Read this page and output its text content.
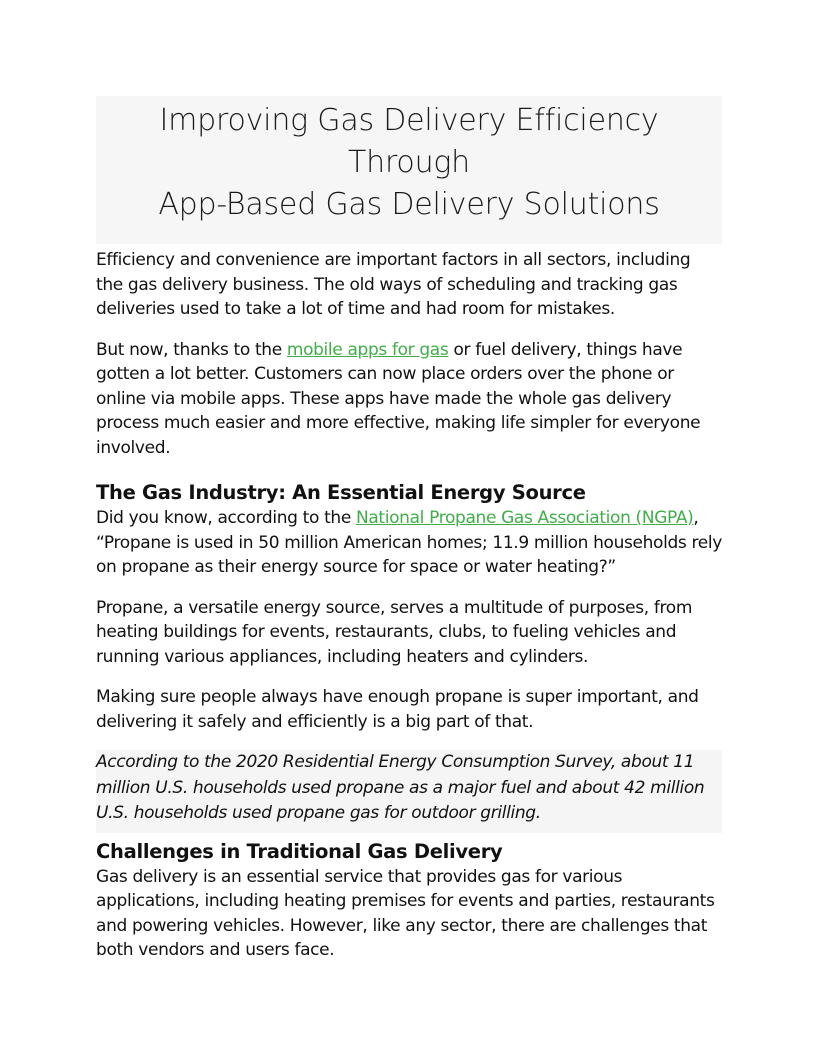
Improving Gas Delivery Efficiency Through
App-Based Gas Delivery Solutions

Efficiency and convenience are important factors in all sectors, including the gas delivery business. The old ways of scheduling and tracking gas deliveries used to take a lot of time and had room for mistakes.

But now, thanks to the mobile apps for gas or fuel delivery, things have gotten a lot better. Customers can now place orders over the phone or online via mobile apps. These apps have made the whole gas delivery process much easier and more effective, making life simpler for everyone involved.

The Gas Industry: An Essential Energy Source

Did you know, according to the National Propane Gas Association (NGPA), “Propane is used in 50 million American homes; 11.9 million households rely on propane as their energy source for space or water heating?”

Propane, a versatile energy source, serves a multitude of purposes, from heating buildings for events, restaurants, clubs, to fueling vehicles and running various appliances, including heaters and cylinders.

Making sure people always have enough propane is super important, and delivering it safely and efficiently is a big part of that.

According to the 2020 Residential Energy Consumption Survey, about 11 million U.S. households used propane as a major fuel and about 42 million U.S. households used propane gas for outdoor grilling.

Challenges in Traditional Gas Delivery

Gas delivery is an essential service that provides gas for various applications, including heating premises for events and parties, restaurants and powering vehicles. However, like any sector, there are challenges that both vendors and users face.
